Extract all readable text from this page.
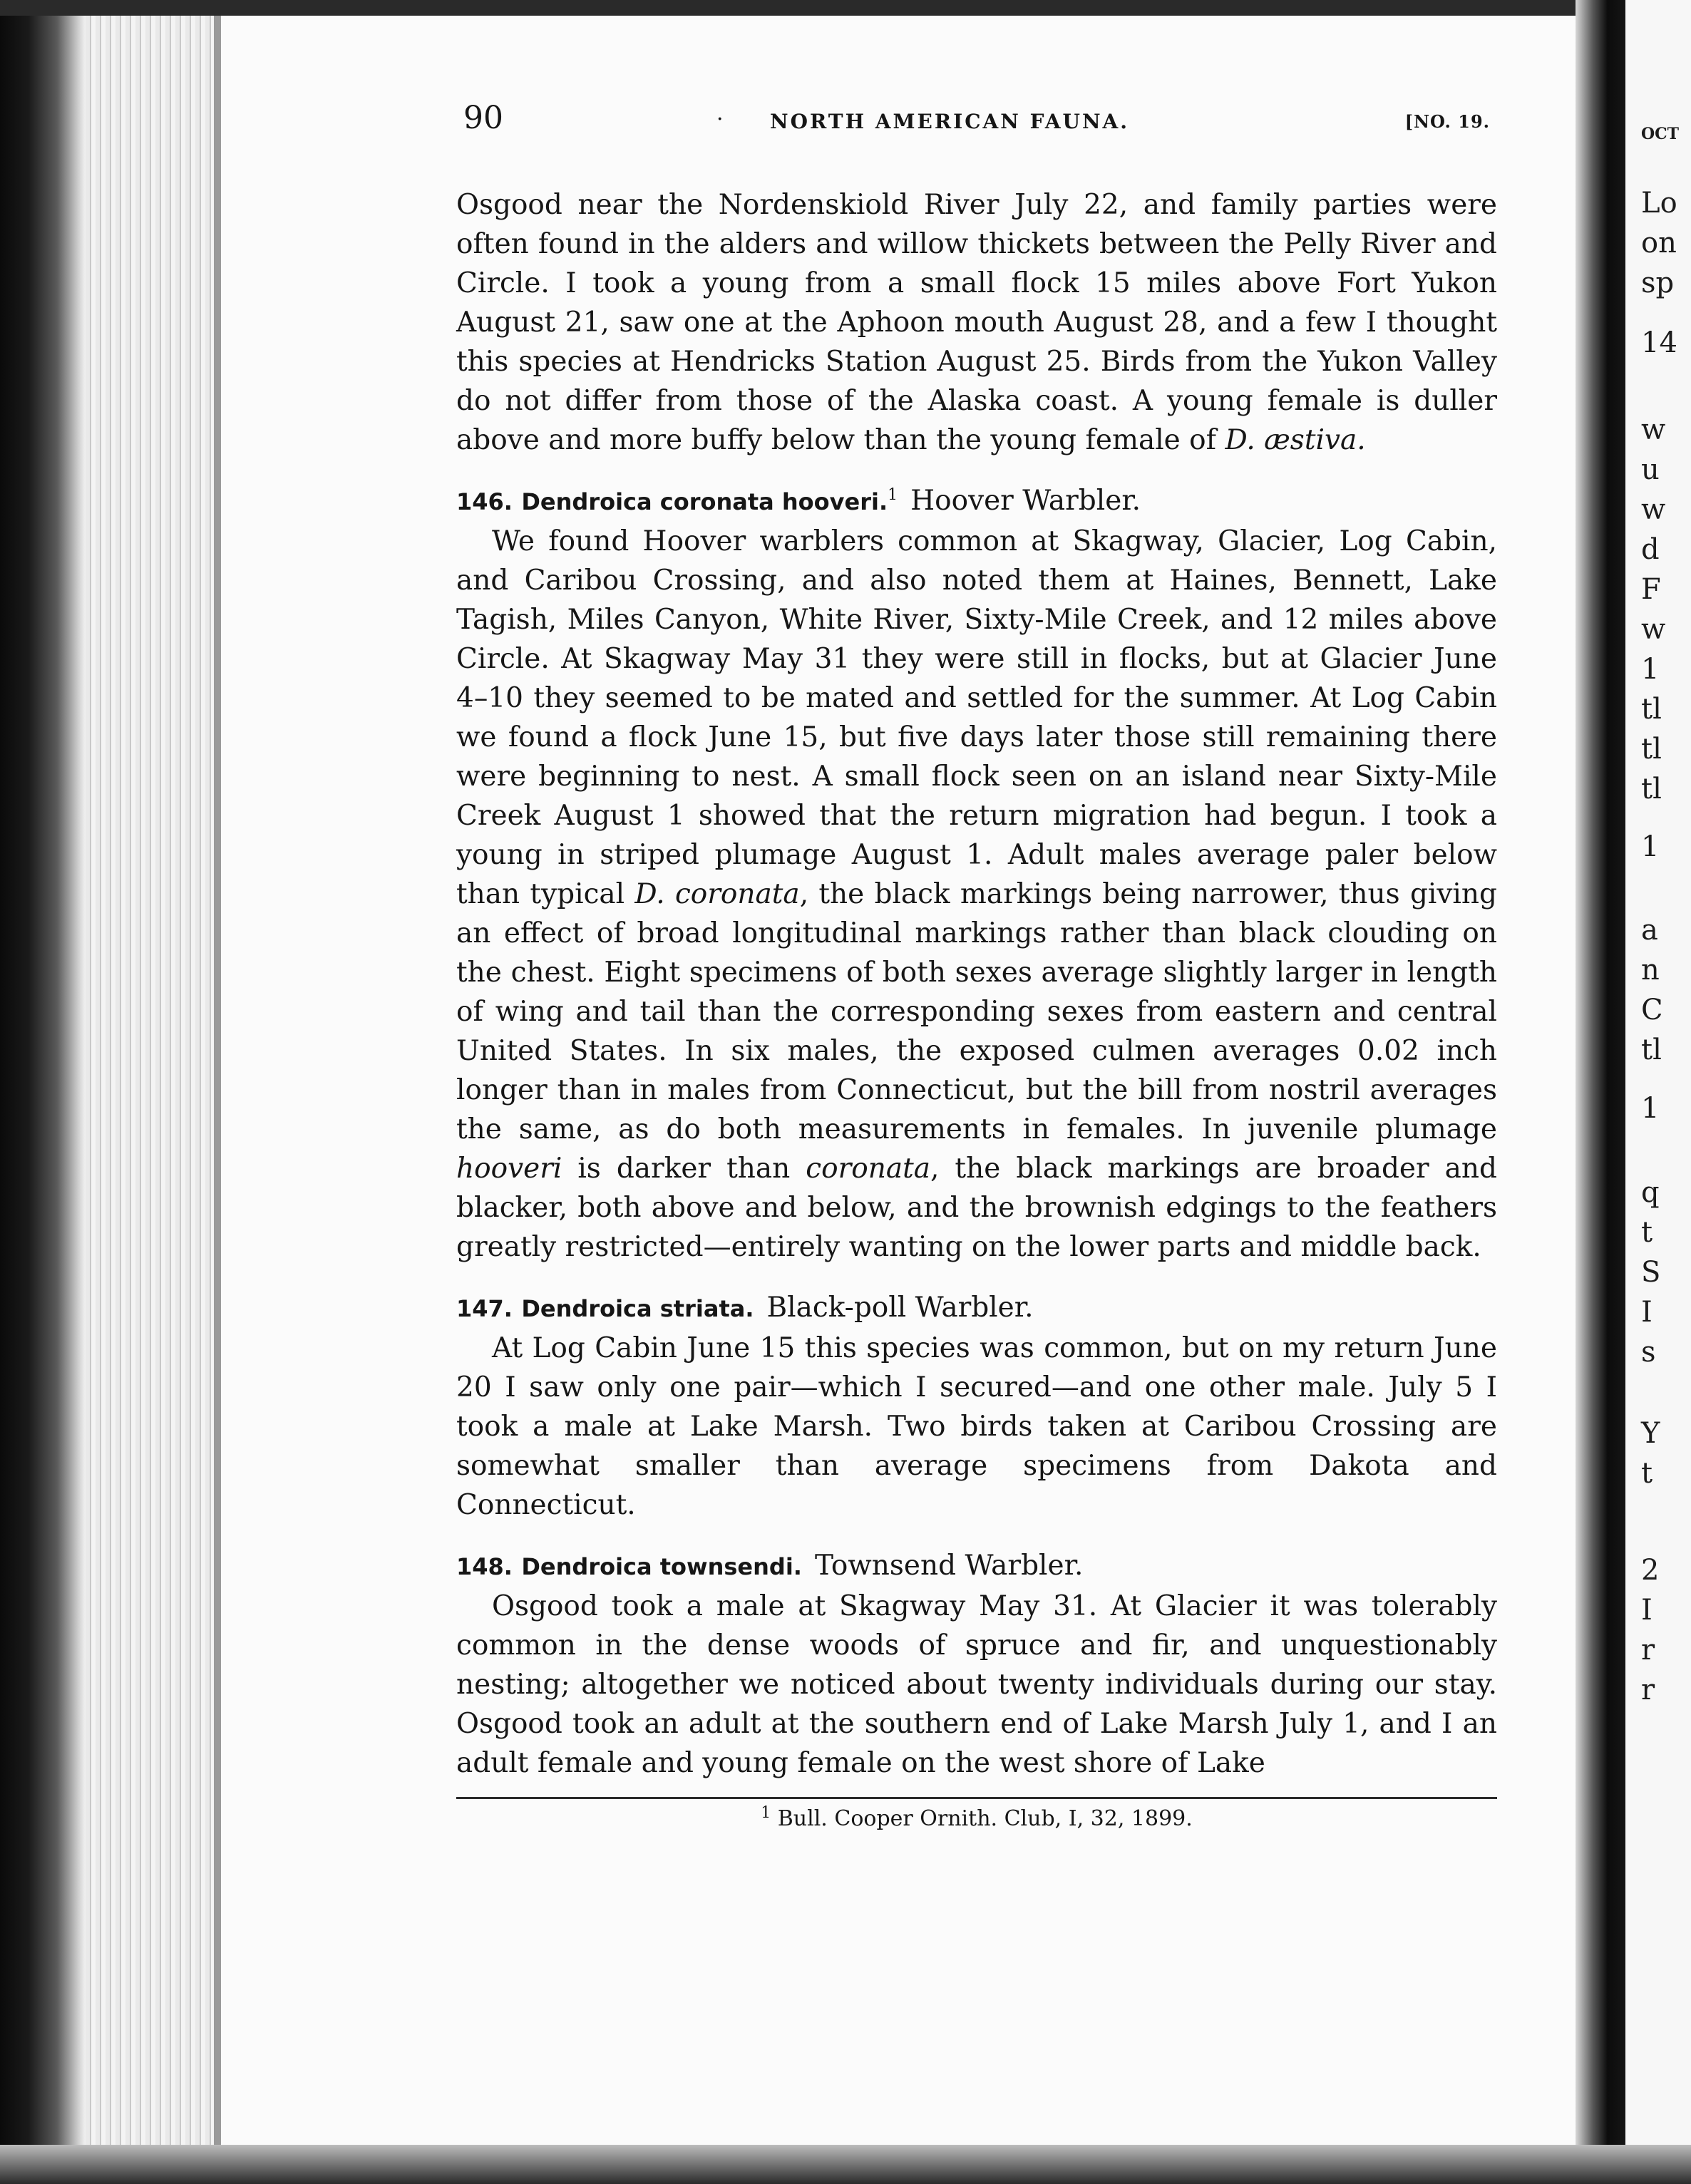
OCT
Lo
on
sp
14
w
u
w
d
F
w
1
tl
tl
tl
1
a
n
C
tl
1
q
t
S
I
s
Y
t
2
I
r
r
90	· NORTH AMERICAN FAUNA.	[NO. 19.

Osgood near the Nordenskiold River July 22, and family parties were often found in the alders and willow thickets between the Pelly River and Circle. I took a young from a small flock 15 miles above Fort Yukon August 21, saw one at the Aphoon mouth August 28, and a few I thought this species at Hendricks Station August 25. Birds from the Yukon Valley do not differ from those of the Alaska coast. A young female is duller above and more buffy below than the young female of D. æstiva.

146. Dendroica coronata hooveri.$^1$ Hoover Warbler.

We found Hoover warblers common at Skagway, Glacier, Log Cabin, and Caribou Crossing, and also noted them at Haines, Bennett, Lake Tagish, Miles Canyon, White River, Sixty-Mile Creek, and 12 miles above Circle. At Skagway May 31 they were still in flocks, but at Glacier June 4–10 they seemed to be mated and settled for the summer. At Log Cabin we found a flock June 15, but five days later those still remaining there were beginning to nest. A small flock seen on an island near Sixty-Mile Creek August 1 showed that the return migration had begun. I took a young in striped plumage August 1. Adult males average paler below than typical D. coronata, the black markings being narrower, thus giving an effect of broad longitudinal markings rather than black clouding on the chest. Eight specimens of both sexes average slightly larger in length of wing and tail than the corresponding sexes from eastern and central United States. In six males, the exposed culmen averages 0.02 inch longer than in males from Connecticut, but the bill from nostril averages the same, as do both measurements in females. In juvenile plumage hooveri is darker than coronata, the black markings are broader and blacker, both above and below, and the brownish edgings to the feathers greatly restricted—entirely wanting on the lower parts and middle back.

147. Dendroica striata. Black-poll Warbler.

At Log Cabin June 15 this species was common, but on my return June 20 I saw only one pair—which I secured—and one other male. July 5 I took a male at Lake Marsh. Two birds taken at Caribou Crossing are somewhat smaller than average specimens from Dakota and Connecticut.

148. Dendroica townsendi. Townsend Warbler.

Osgood took a male at Skagway May 31. At Glacier it was tolerably common in the dense woods of spruce and fir, and unquestionably nesting; altogether we noticed about twenty individuals during our stay. Osgood took an adult at the southern end of Lake Marsh July 1, and I an adult female and young female on the west shore of Lake

$^1$ Bull. Cooper Ornith. Club, I, 32, 1899.
